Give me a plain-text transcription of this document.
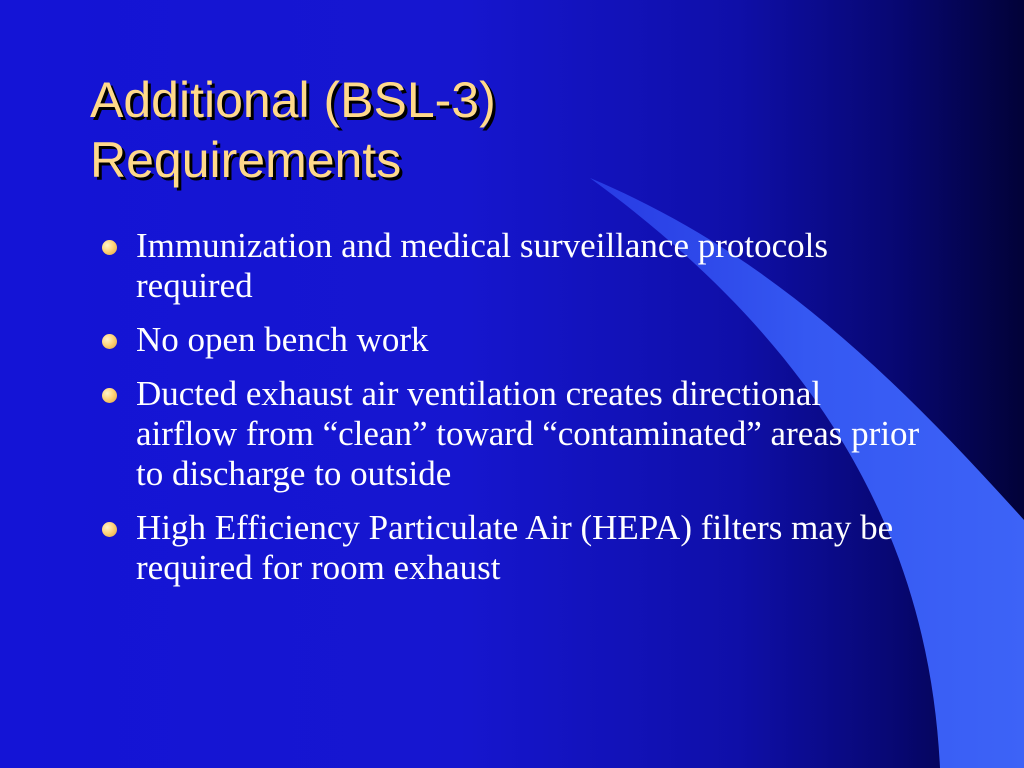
Additional (BSL-3)
Requirements
Immunization and medical surveillance protocols required
No open bench work
Ducted exhaust air ventilation creates directional airflow from “clean” toward “contaminated” areas prior to discharge to outside
High Efficiency Particulate Air (HEPA) filters may be required for room exhaust
